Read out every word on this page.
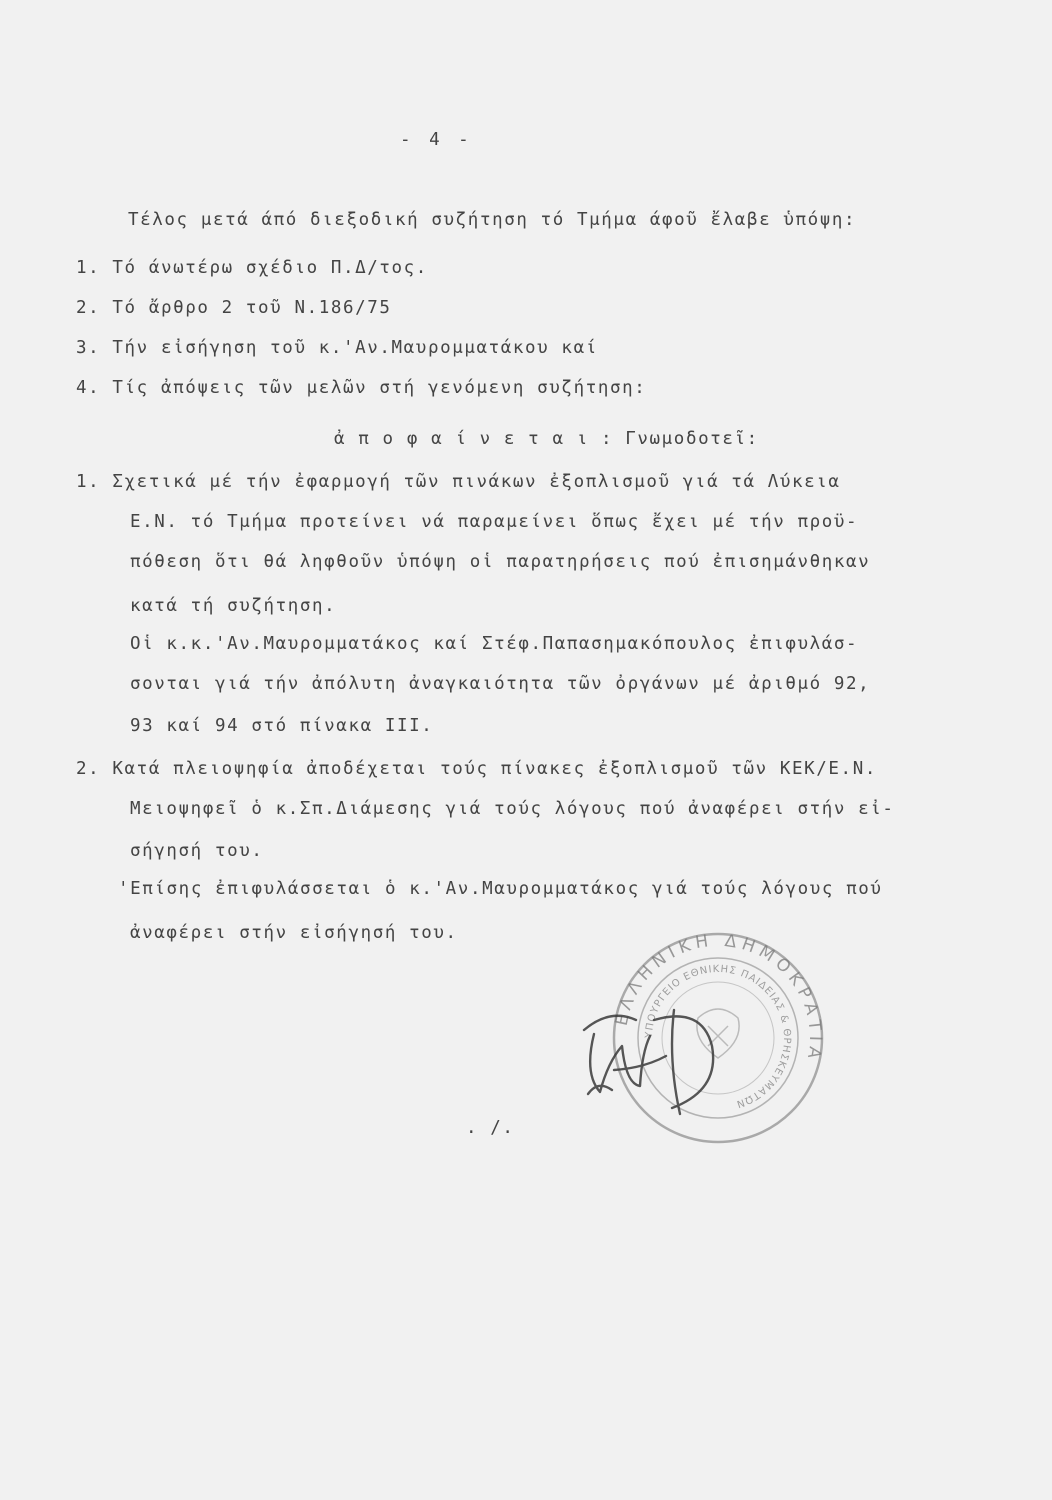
- 4 -
Τέλος μετά άπό διεξοδική συζήτηση τό Τμήμα άφοῦ ἔλαβε ὑπόψη:
1. Τό άνωτέρω σχέδιο Π.Δ/τος.
2. Τό ἄρθρο 2 τοῦ Ν.186/75
3. Τήν εἰσήγηση τοῦ κ.'Αν.Μαυρομματάκου καί
4. Τίς ἀπόψεις τῶν μελῶν στή γενόμενη συζήτηση:
ἀ π ο φ α ί ν ε τ α ι : Γνωμοδοτεῖ:
1. Σχετικά μέ τήν ἐφαρμογή τῶν πινάκων ἐξοπλισμοῦ γιά τά Λύκεια
Ε.Ν. τό Τμήμα προτείνει νά παραμείνει ὅπως ἔχει μέ τήν προϋ-
πόθεση ὅτι θά ληφθοῦν ὑπόψη οἱ παρατηρήσεις πού ἐπισημάνθηκαν
κατά τή συζήτηση.
Οἱ κ.κ.'Αν.Μαυρομματάκος καί Στέφ.Παπασημακόπουλος ἐπιφυλάσ-
σονται γιά τήν ἀπόλυτη ἀναγκαιότητα τῶν ὀργάνων μέ ἀριθμό 92,
93 καί 94 στό πίνακα ΙΙΙ.
2. Κατά πλειοψηφία ἀποδέχεται τούς πίνακες ἐξοπλισμοῦ τῶν ΚΕΚ/Ε.Ν.
Μειοψηφεῖ ὁ κ.Σπ.Διάμεσης γιά τούς λόγους πού ἀναφέρει στήν εἰ-
σήγησή του.
'Επίσης ἐπιφυλάσσεται ὁ κ.'Αν.Μαυρομματάκος γιά τούς λόγους πού
ἀναφέρει στήν εἰσήγησή του.
. /.
ΕΛΛΗΝΙΚΗ ΔΗΜΟΚΡΑΤΙΑ
ΥΠΟΥΡΓΕΙΟ ΕΘΝΙΚΗΣ ΠΑΙΔΕΙΑΣ & ΘΡΗΣΚΕΥΜΑΤΩΝ
